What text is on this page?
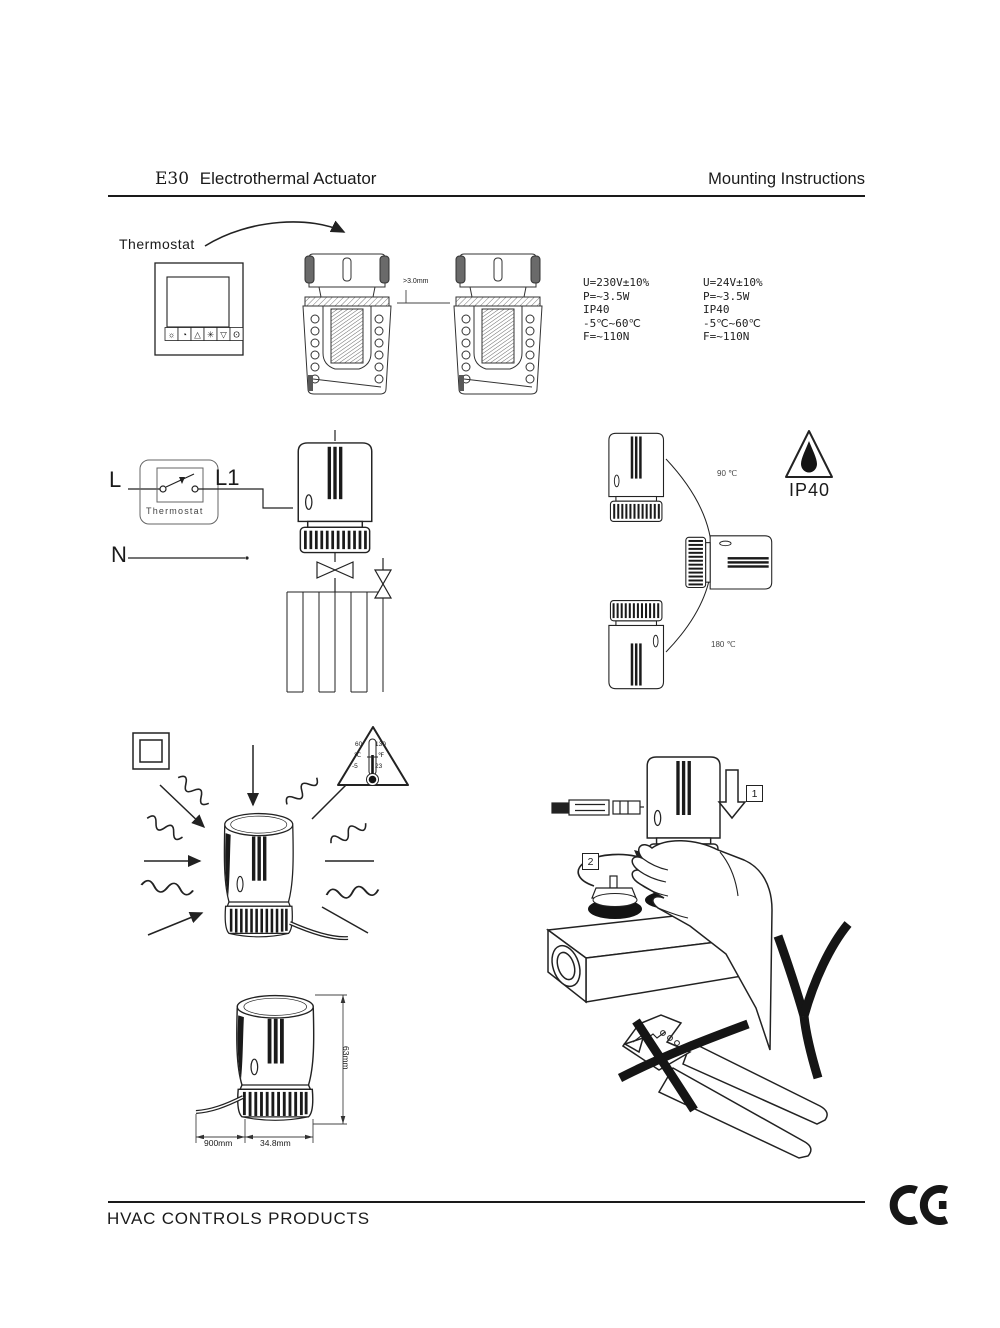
E30 Electrothermal Actuator	Mounting Instructions
☼ ◔ △ ✳ ▽ ʘ
Thermostat
>3.0mm	U=230V±10%
P=~3.5W
IP40
-5℃~60℃
F=~110N
U=24V±10%
P=~3.5W
IP40
-5℃~60℃
F=~110N
L	L1
N
Thermostat
90 ℃
180 ℃
IP40
60 130
℃	℉
-5	23
900mm	34.8mm
63mm
1
2
HVAC CONTROLS PRODUCTS
